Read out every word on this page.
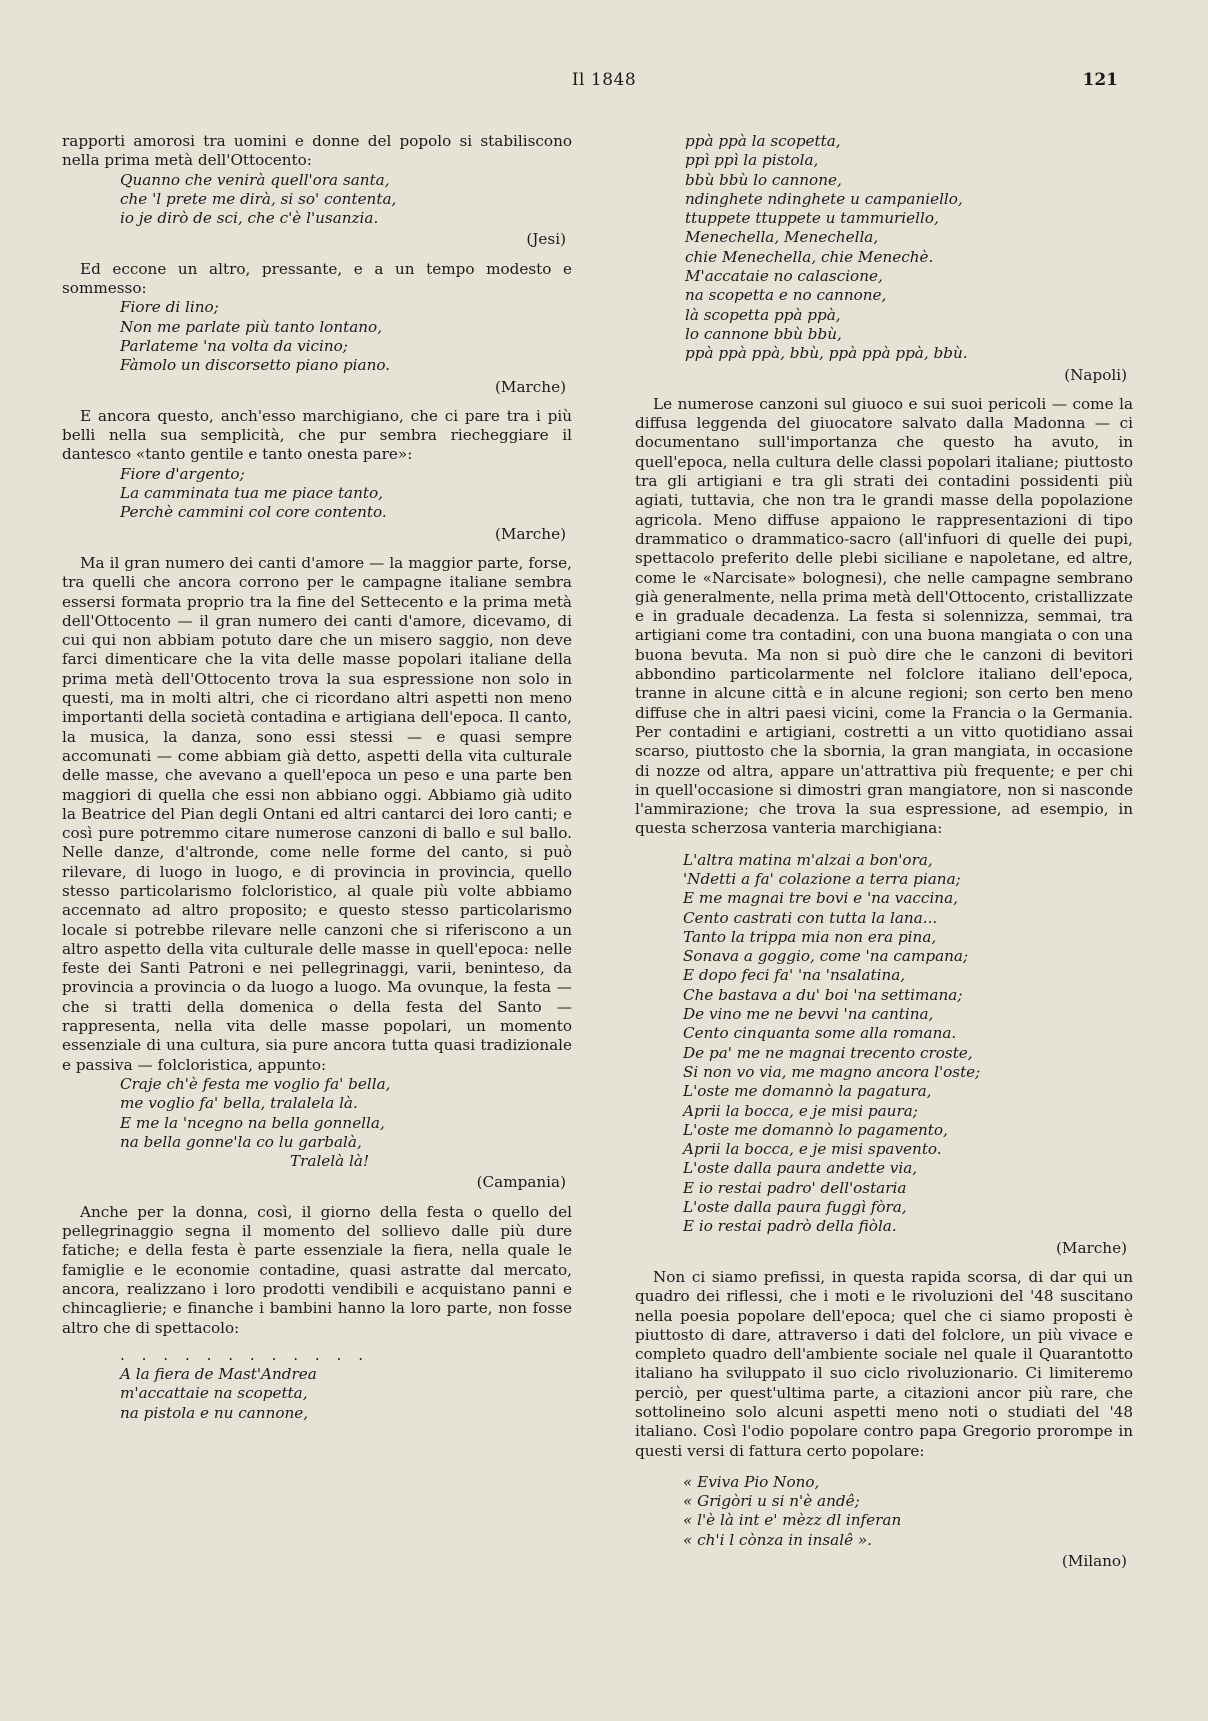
Il 1848	121

rapporti amorosi tra uomini e donne del popolo si stabiliscono nella prima metà dell'Ottocento:

Quanno che venirà quell'ora santa,
che 'l prete me dirà, si so' contenta,
io je dirò de sci, che c'è l'usanzia.
(Jesi)

Ed eccone un altro, pressante, e a un tempo modesto e sommesso:

Fiore di lino;
Non me parlate più tanto lontano,
Parlateme 'na volta da vicino;
Fàmolo un discorsetto piano piano.
(Marche)

E ancora questo, anch'esso marchigiano, che ci pare tra i più belli nella sua semplicità, che pur sembra riecheggiare il dantesco «tanto gentile e tanto onesta pare»:

Fiore d'argento;
La camminata tua me piace tanto,
Perchè cammini col core contento.
(Marche)

Ma il gran numero dei canti d'amore — la maggior parte, forse, tra quelli che ancora corrono per le campagne italiane sembra essersi formata proprio tra la fine del Settecento e la prima metà dell'Ottocento — il gran numero dei canti d'amore, dicevamo, di cui qui non abbiam potuto dare che un misero saggio, non deve farci dimenticare che la vita delle masse popolari italiane della prima metà dell'Ottocento trova la sua espressione non solo in questi, ma in molti altri, che ci ricordano altri aspetti non meno importanti della società contadina e artigiana dell'epoca. Il canto, la musica, la danza, sono essi stessi — e quasi sempre accomunati — come abbiam già detto, aspetti della vita culturale delle masse, che avevano a quell'epoca un peso e una parte ben maggiori di quella che essi non abbiano oggi. Abbiamo già udito la Beatrice del Pian degli Ontani ed altri cantarci dei loro canti; e così pure potremmo citare numerose canzoni di ballo e sul ballo. Nelle danze, d'altronde, come nelle forme del canto, si può rilevare, di luogo in luogo, e di provincia in provincia, quello stesso particolarismo folcloristico, al quale più volte abbiamo accennato ad altro proposito; e questo stesso particolarismo locale si potrebbe rilevare nelle canzoni che si riferiscono a un altro aspetto della vita culturale delle masse in quell'epoca: nelle feste dei Santi Patroni e nei pellegrinaggi, varii, beninteso, da provincia a provincia o da luogo a luogo. Ma ovunque, la festa — che si tratti della domenica o della festa del Santo — rappresenta, nella vita delle masse popolari, un momento essenziale di una cultura, sia pure ancora tutta quasi tradizionale e passiva — folcloristica, appunto:

Craje ch'è festa me voglio fa' bella,
me voglio fa' bella, tralalela là.
E me la 'ncegno na bella gonnella,
na bella gonne'la co lu garbalà,
Tralelà là!
(Campania)

Anche per la donna, così, il giorno della festa o quello del pellegrinaggio segna il momento del sollievo dalle più dure fatiche; e della festa è parte essenziale la fiera, nella quale le famiglie e le economie contadine, quasi astratte dal mercato, ancora, realizzano i loro prodotti vendibili e acquistano panni e chincaglierie; e finanche i bambini hanno la loro parte, non fosse altro che di spettacolo:

. . . . . . . . . . . .
A la fiera de Mast'Andrea
m'accattaie na scopetta,
na pistola e nu cannone,
ppà ppà la scopetta,
ppì ppì la pistola,
bbù bbù lo cannone,
ndinghete ndinghete u campaniello,
ttuppete ttuppete u tammuriello,
Menechella, Menechella,
chie Menechella, chie Menechè.
M'accataie no calascione,
na scopetta e no cannone,
là scopetta ppà ppà,
lo cannone bbù bbù,
ppà ppà ppà, bbù, ppà ppà ppà, bbù.
(Napoli)

Le numerose canzoni sul giuoco e sui suoi pericoli — come la diffusa leggenda del giuocatore salvato dalla Madonna — ci documentano sull'importanza che questo ha avuto, in quell'epoca, nella cultura delle classi popolari italiane; piuttosto tra gli artigiani e tra gli strati dei contadini possidenti più agiati, tuttavia, che non tra le grandi masse della popolazione agricola. Meno diffuse appaiono le rappresentazioni di tipo drammatico o drammatico-sacro (all'infuori di quelle dei pupi, spettacolo preferito delle plebi siciliane e napoletane, ed altre, come le «Narcisate» bolognesi), che nelle campagne sembrano già generalmente, nella prima metà dell'Ottocento, cristallizzate e in graduale decadenza. La festa si solennizza, semmai, tra artigiani come tra contadini, con una buona mangiata o con una buona bevuta. Ma non si può dire che le canzoni di bevitori abbondino particolarmente nel folclore italiano dell'epoca, tranne in alcune città e in alcune regioni; son certo ben meno diffuse che in altri paesi vicini, come la Francia o la Germania. Per contadini e artigiani, costretti a un vitto quotidiano assai scarso, piuttosto che la sbornia, la gran mangiata, in occasione di nozze od altra, appare un'attrattiva più frequente; e per chi in quell'occasione si dimostri gran mangiatore, non si nasconde l'ammirazione; che trova la sua espressione, ad esempio, in questa scherzosa vanteria marchigiana:

L'altra matina m'alzai a bon'ora,
'Ndetti a fa' colazione a terra piana;
E me magnai tre bovi e 'na vaccina,
Cento castrati con tutta la lana...
Tanto la trippa mia non era pina,
Sonava a goggio, come 'na campana;
E dopo feci fa' 'na 'nsalatina,
Che bastava a du' boi 'na settimana;
De vino me ne bevvi 'na cantina,
Cento cinquanta some alla romana.
De pa' me ne magnai trecento croste,
Si non vo via, me magno ancora l'oste;
L'oste me domannò la pagatura,
Aprii la bocca, e je misi paura;
L'oste me domannò lo pagamento,
Aprii la bocca, e je misi spavento.
L'oste dalla paura andette via,
E io restai padro' dell'ostaria
L'oste dalla paura fuggì fòra,
E io restai padrò della fiòla.
(Marche)

Non ci siamo prefissi, in questa rapida scorsa, di dar qui un quadro dei riflessi, che i moti e le rivoluzioni del '48 suscitano nella poesia popolare dell'epoca; quel che ci siamo proposti è piuttosto di dare, attraverso i dati del folclore, un più vivace e completo quadro dell'ambiente sociale nel quale il Quarantotto italiano ha sviluppato il suo ciclo rivoluzionario. Ci limiteremo perciò, per quest'ultima parte, a citazioni ancor più rare, che sottolineino solo alcuni aspetti meno noti o studiati del '48 italiano. Così l'odio popolare contro papa Gregorio prorompe in questi versi di fattura certo popolare:

« Eviva Pio Nono,
« Grigòri u si n'è andê;
« l'è là int e' mèzz dl inferan
« ch'i l cònza in insalê ».
(Milano)
